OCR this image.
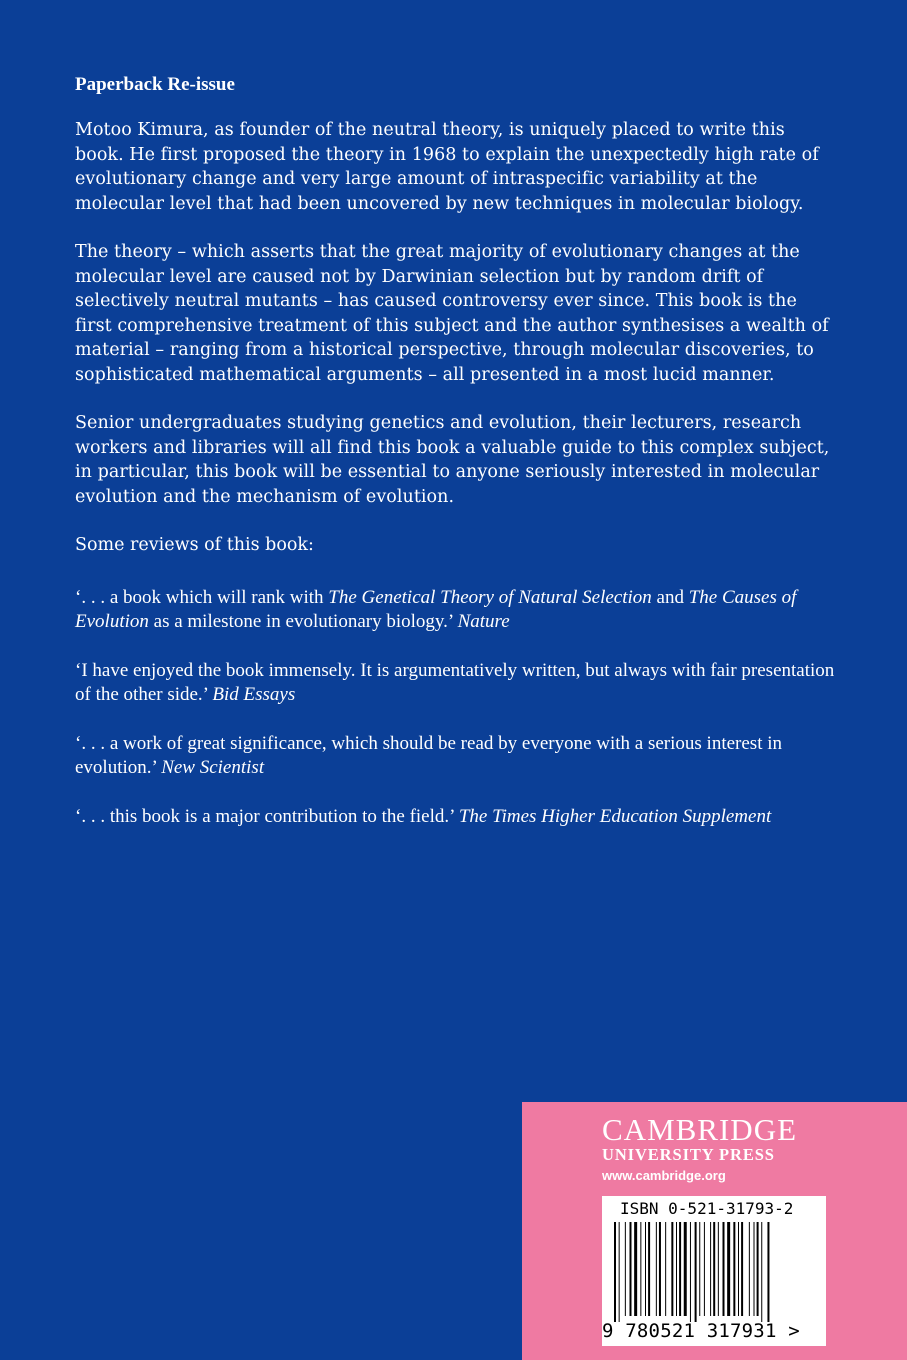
Paperback Re-issue

Motoo Kimura, as founder of the neutral theory, is uniquely placed to write this book. He first proposed the theory in 1968 to explain the unexpectedly high rate of evolutionary change and very large amount of intraspecific variability at the molecular level that had been uncovered by new techniques in molecular biology.

The theory – which asserts that the great majority of evolutionary changes at the molecular level are caused not by Darwinian selection but by random drift of selectively neutral mutants – has caused controversy ever since. This book is the first comprehensive treatment of this subject and the author synthesises a wealth of material – ranging from a historical perspective, through molecular discoveries, to sophisticated mathematical arguments – all presented in a most lucid manner.

Senior undergraduates studying genetics and evolution, their lecturers, research workers and libraries will all find this book a valuable guide to this complex subject, in particular, this book will be essential to anyone seriously interested in molecular evolution and the mechanism of evolution.

Some reviews of this book:

‘. . . a book which will rank with The Genetical Theory of Natural Selection and The Causes of Evolution as a milestone in evolutionary biology.’ Nature

‘I have enjoyed the book immensely. It is argumentatively written, but always with fair presentation of the other side.’ Bid Essays

‘. . . a work of great significance, which should be read by everyone with a serious interest in evolution.’ New Scientist

‘. . . this book is a major contribution to the field.’ The Times Higher Education Supplement

CAMBRIDGE
UNIVERSITY PRESS
www.cambridge.org
ISBN 0-521-31793-2
9 780521 317931 >
